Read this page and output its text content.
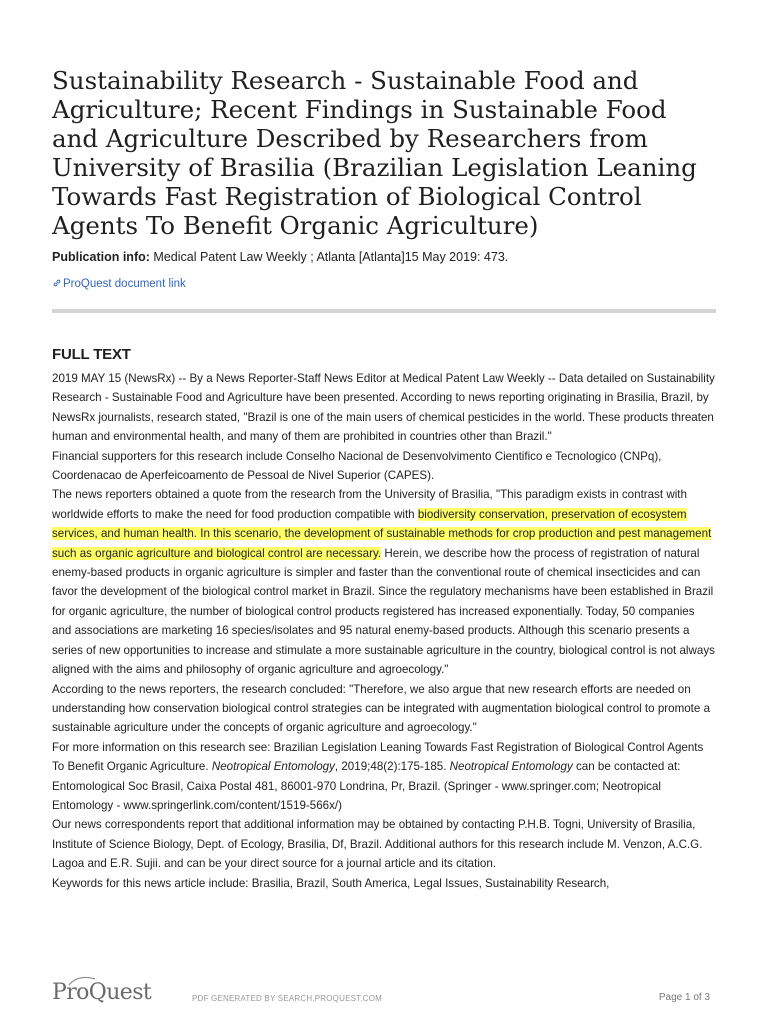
Sustainability Research - Sustainable Food and Agriculture; Recent Findings in Sustainable Food and Agriculture Described by Researchers from University of Brasilia (Brazilian Legislation Leaning Towards Fast Registration of Biological Control Agents To Benefit Organic Agriculture)
Publication info: Medical Patent Law Weekly ; Atlanta [Atlanta]15 May 2019: 473.
ProQuest document link
FULL TEXT

2019 MAY 15 (NewsRx) -- By a News Reporter-Staff News Editor at Medical Patent Law Weekly -- Data detailed on Sustainability Research - Sustainable Food and Agriculture have been presented. According to news reporting originating in Brasilia, Brazil, by NewsRx journalists, research stated, "Brazil is one of the main users of chemical pesticides in the world. These products threaten human and environmental health, and many of them are prohibited in countries other than Brazil."

Financial supporters for this research include Conselho Nacional de Desenvolvimento Cientifico e Tecnologico (CNPq), Coordenacao de Aperfeicoamento de Pessoal de Nivel Superior (CAPES).

The news reporters obtained a quote from the research from the University of Brasilia, "This paradigm exists in contrast with worldwide efforts to make the need for food production compatible with biodiversity conservation, preservation of ecosystem services, and human health. In this scenario, the development of sustainable methods for crop production and pest management such as organic agriculture and biological control are necessary. Herein, we describe how the process of registration of natural enemy-based products in organic agriculture is simpler and faster than the conventional route of chemical insecticides and can favor the development of the biological control market in Brazil. Since the regulatory mechanisms have been established in Brazil for organic agriculture, the number of biological control products registered has increased exponentially. Today, 50 companies and associations are marketing 16 species/isolates and 95 natural enemy-based products. Although this scenario presents a series of new opportunities to increase and stimulate a more sustainable agriculture in the country, biological control is not always aligned with the aims and philosophy of organic agriculture and agroecology."

According to the news reporters, the research concluded: "Therefore, we also argue that new research efforts are needed on understanding how conservation biological control strategies can be integrated with augmentation biological control to promote a sustainable agriculture under the concepts of organic agriculture and agroecology."

For more information on this research see: Brazilian Legislation Leaning Towards Fast Registration of Biological Control Agents To Benefit Organic Agriculture. Neotropical Entomology, 2019;48(2):175-185. Neotropical Entomology can be contacted at: Entomological Soc Brasil, Caixa Postal 481, 86001-970 Londrina, Pr, Brazil. (Springer - www.springer.com; Neotropical Entomology - www.springerlink.com/content/1519-566x/)

Our news correspondents report that additional information may be obtained by contacting P.H.B. Togni, University of Brasilia, Institute of Science Biology, Dept. of Ecology, Brasilia, Df, Brazil. Additional authors for this research include M. Venzon, A.C.G. Lagoa and E.R. Sujii. and can be your direct source for a journal article and its citation.

Keywords for this news article include: Brasilia, Brazil, South America, Legal Issues, Sustainability Research,

ProQuest	PDF GENERATED BY SEARCH.PROQUEST.COM	Page 1 of 3
